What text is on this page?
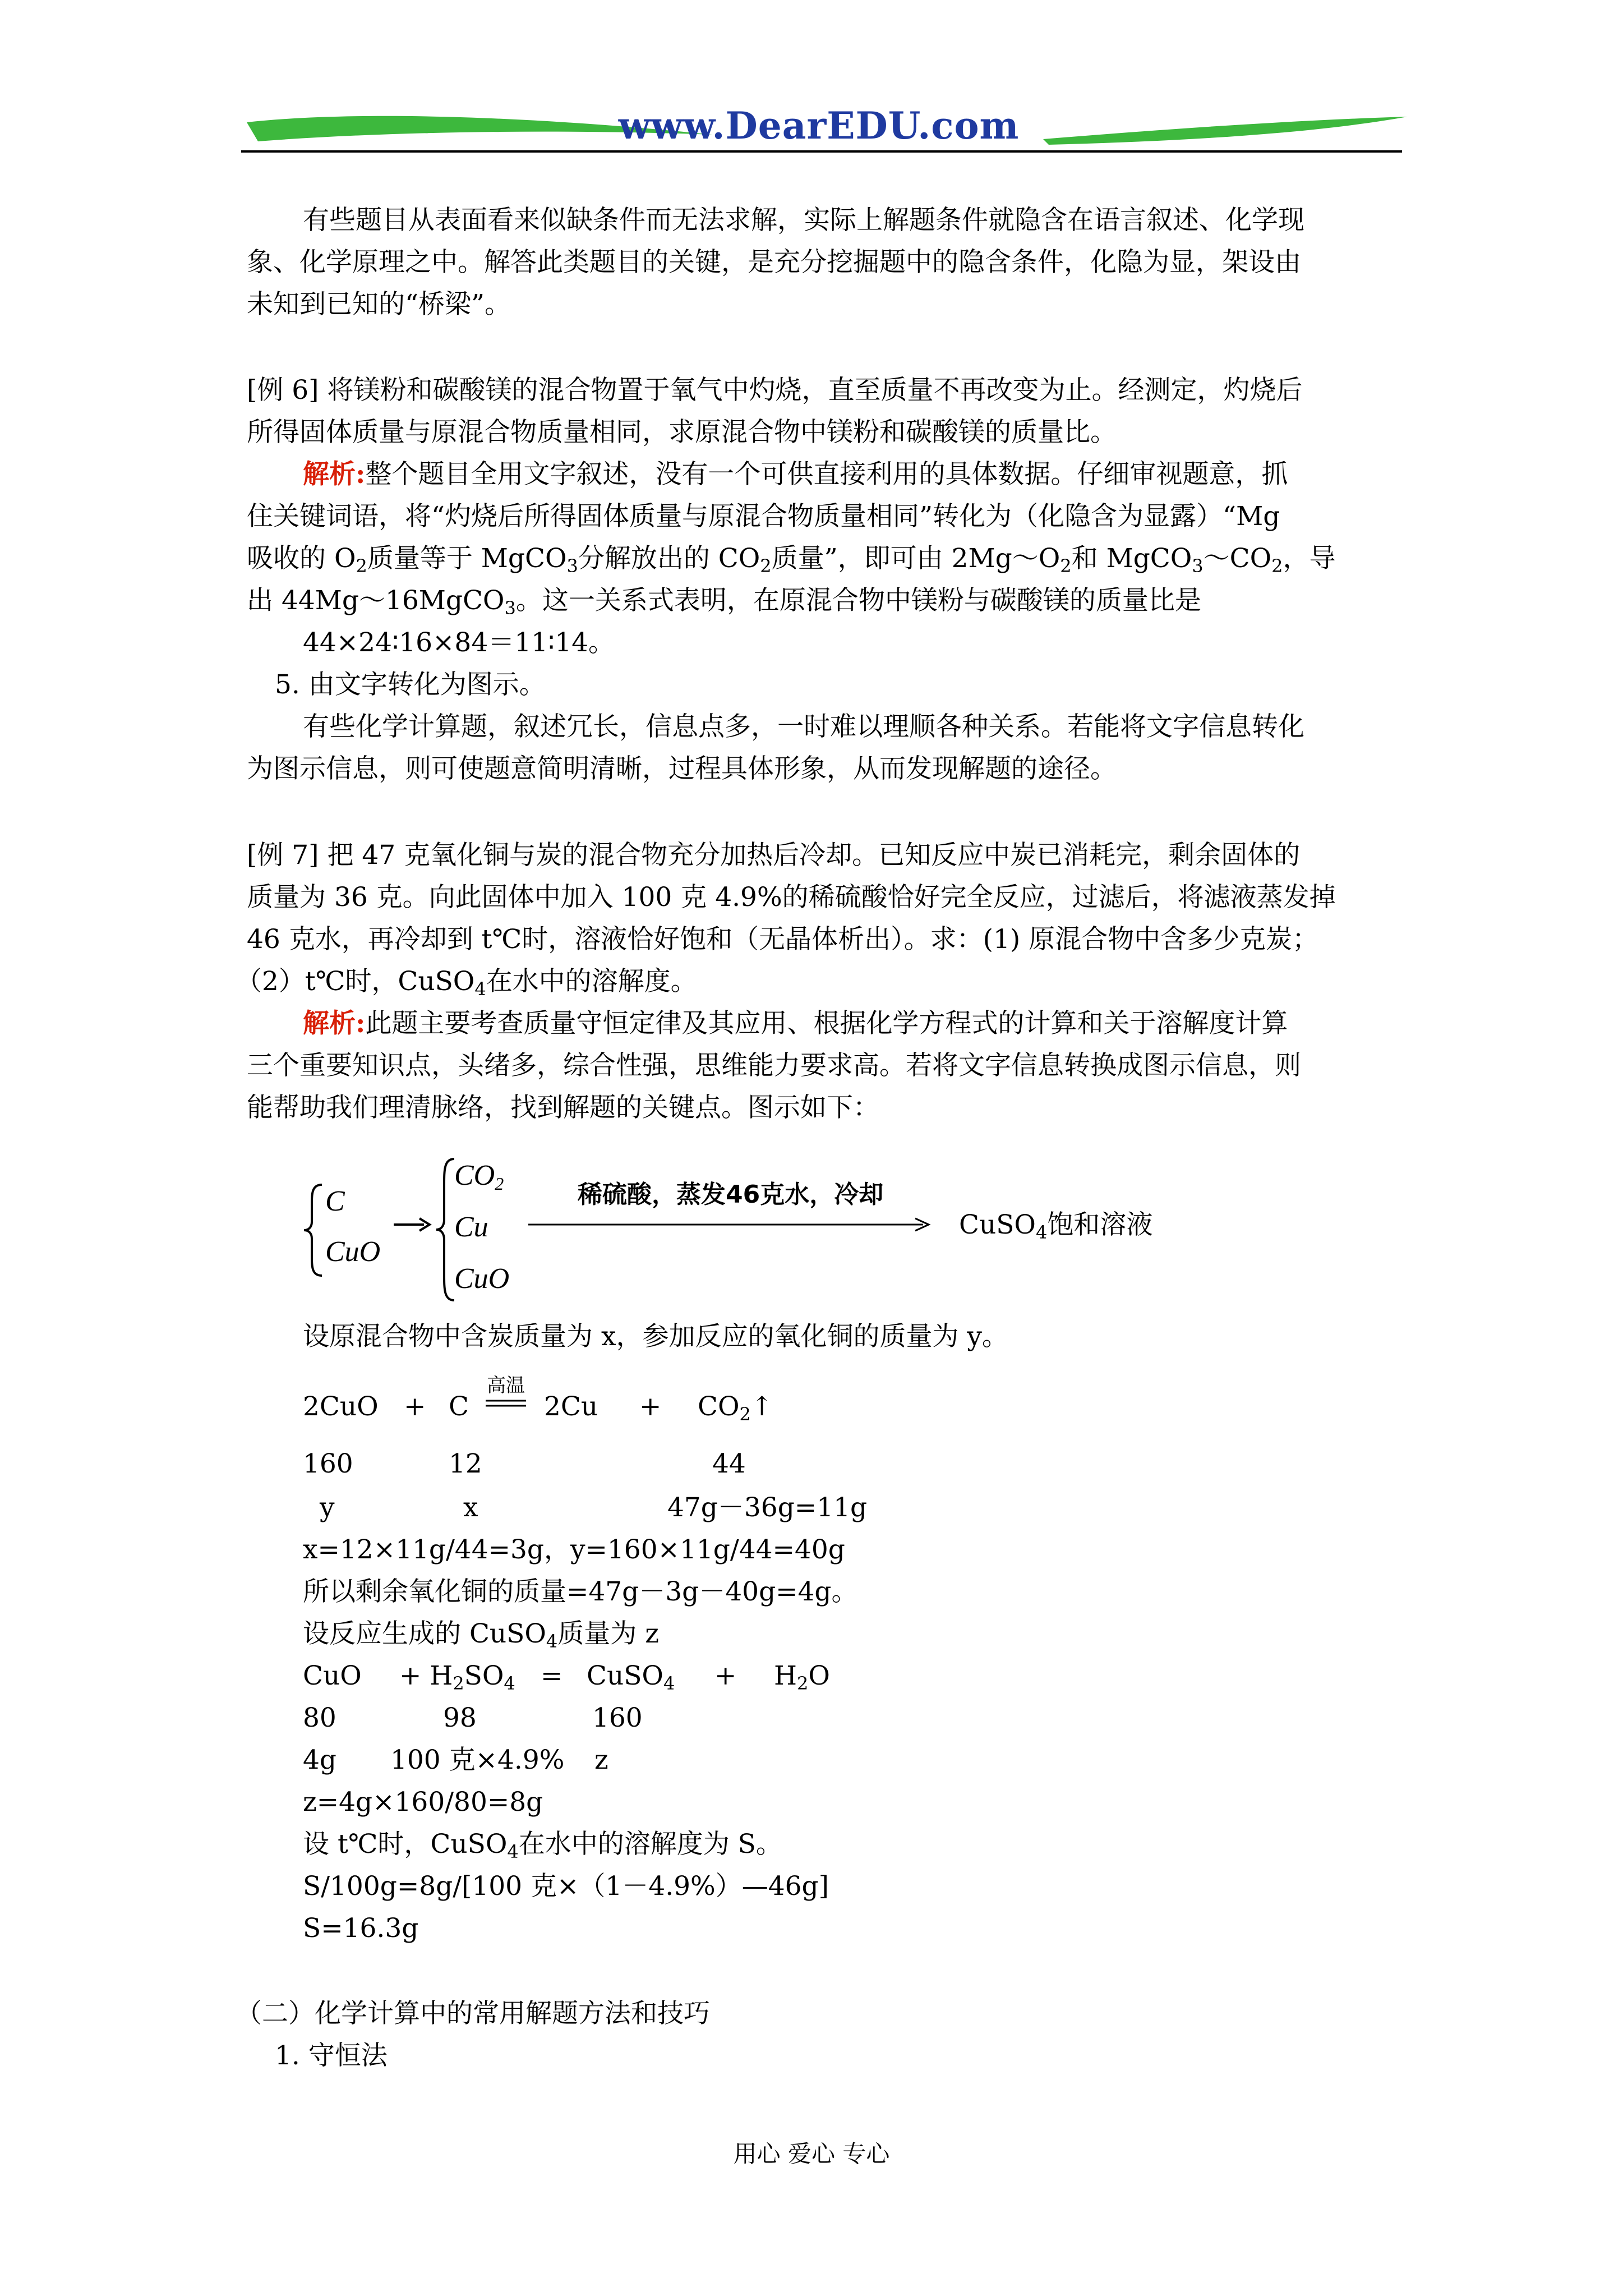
www.DearEDU.com
有些题目从表面看来似缺条件而无法求解，实际上解题条件就隐含在语言叙述、化学现
象、化学原理之中。解答此类题目的关键，是充分挖掘题中的隐含条件，化隐为显，架设由
未知到已知的“桥梁”。
[例 6] 将镁粉和碳酸镁的混合物置于氧气中灼烧，直至质量不再改变为止。经测定，灼烧后
所得固体质量与原混合物质量相同，求原混合物中镁粉和碳酸镁的质量比。
解析:整个题目全用文字叙述，没有一个可供直接利用的具体数据。仔细审视题意，抓
住关键词语，将“灼烧后所得固体质量与原混合物质量相同”转化为（化隐含为显露）“Mg
吸收的 $O_2$质量等于 MgCO$_3$分解放出的 $CO_2$质量”，即可由 $2Mg\sim O_2$和 $MgCO_3\sim CO_2$，导
出 44Mg～16MgCO$_3$。这一关系式表明，在原混合物中镁粉与碳酸镁的质量比是
44×24∶16×84＝11∶14。
5. 由文字转化为图示。
有些化学计算题，叙述冗长，信息点多，一时难以理顺各种关系。若能将文字信息转化
为图示信息，则可使题意简明清晰，过程具体形象，从而发现解题的途径。
[例 7] 把 47 克氧化铜与炭的混合物充分加热后冷却。已知反应中炭已消耗完，剩余固体的
质量为 36 克。向此固体中加入 100 克 4.9%的稀硫酸恰好完全反应，过滤后，将滤液蒸发掉
46 克水，再冷却到 t℃时，溶液恰好饱和（无晶体析出）。求：(1) 原混合物中含多少克炭；
（2）t℃时，CuSO$_4$在水中的溶解度。
解析:此题主要考查质量守恒定律及其应用、根据化学方程式的计算和关于溶解度计算
三个重要知识点，头绪多，综合性强，思维能力要求高。若将文字信息转换成图示信息，则
能帮助我们理清脉络，找到解题的关键点。图示如下：
C
CuO
$CO_2$
Cu
CuO
稀硫酸，蒸发46克水，冷却
CuSO$_4$饱和溶液
设原混合物中含炭质量为 x，参加反应的氧化铜的质量为 y。
2CuO + C
高温
$2Cu + CO_2↑$
160	12	44
y	x	47g－36g=11g
x=12×11g/44=3g，y=160×11g/44=40g
所以剩余氧化铜的质量=47g－3g－40g=4g。
设反应生成的 CuSO$_4$质量为 z
CuO + $H_2SO_4$ = CuSO$_4$ + $H_2O$
80	98	160
4g 100 克×4.9% z
z=4g×160/80=8g
设 t℃时，CuSO$_4$在水中的溶解度为 S。
S/100g=8g/[100 克×（1－4.9%）—46g]
S=16.3g
（二）化学计算中的常用解题方法和技巧
1. 守恒法
用心 爱心 专心
